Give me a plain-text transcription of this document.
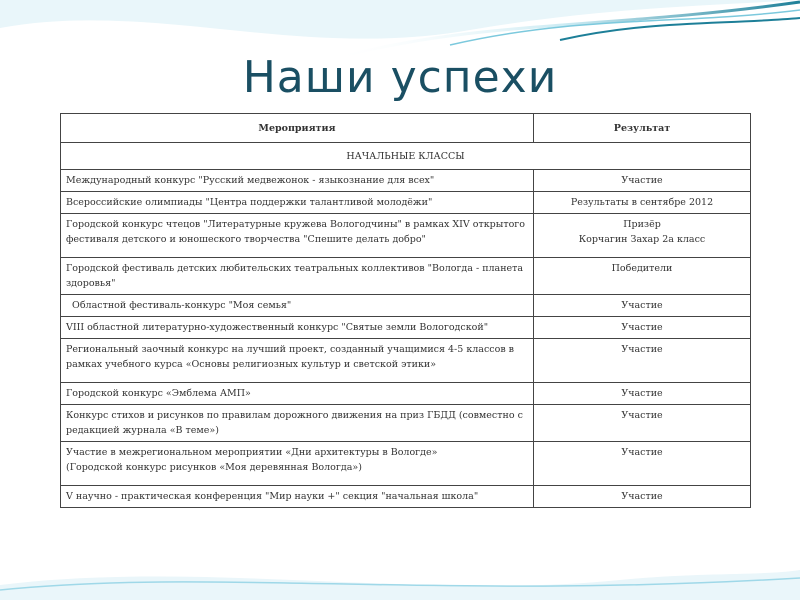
Наши успехи
Мероприятия	Результат
НАЧАЛЬНЫЕ КЛАССЫ	

Международный конкурс "Русский медвежонок - языкознание для всех"	Участие

Всероссийские олимпиады "Центра поддержки талантливой молодёжи"	Результаты в сентябре 2012

Городской конкурс чтецов "Литературные кружева Вологодчины" в рамках XIV открытого фестиваля детского и юношеского творчества "Спешите делать добро"	Призёр
Корчагин Захар 2а класс

Городской фестиваль детских любительских театральных коллективов "Вологда - планета здоровья"	Победители

Областной фестиваль-конкурс "Моя семья"	Участие

VIII областной литературно-художественный конкурс "Святые земли Вологодской"	Участие

Региональный заочный конкурс на лучший проект, созданный учащимися 4-5 классов в рамках учебного курса «Основы религиозных культур и светской этики»	Участие

Городской конкурс «Эмблема АМП»	Участие

Конкурс стихов и рисунков по правилам дорожного движения на приз ГБДД (совместно с редакцией журнала «В теме»)	Участие

Участие в межрегиональном мероприятии «Дни архитектуры в Вологде»
(Городской конкурс рисунков «Моя деревянная Вологда»)	Участие

V научно - практическая конференция "Мир науки +" секция "начальная школа"	Участие
